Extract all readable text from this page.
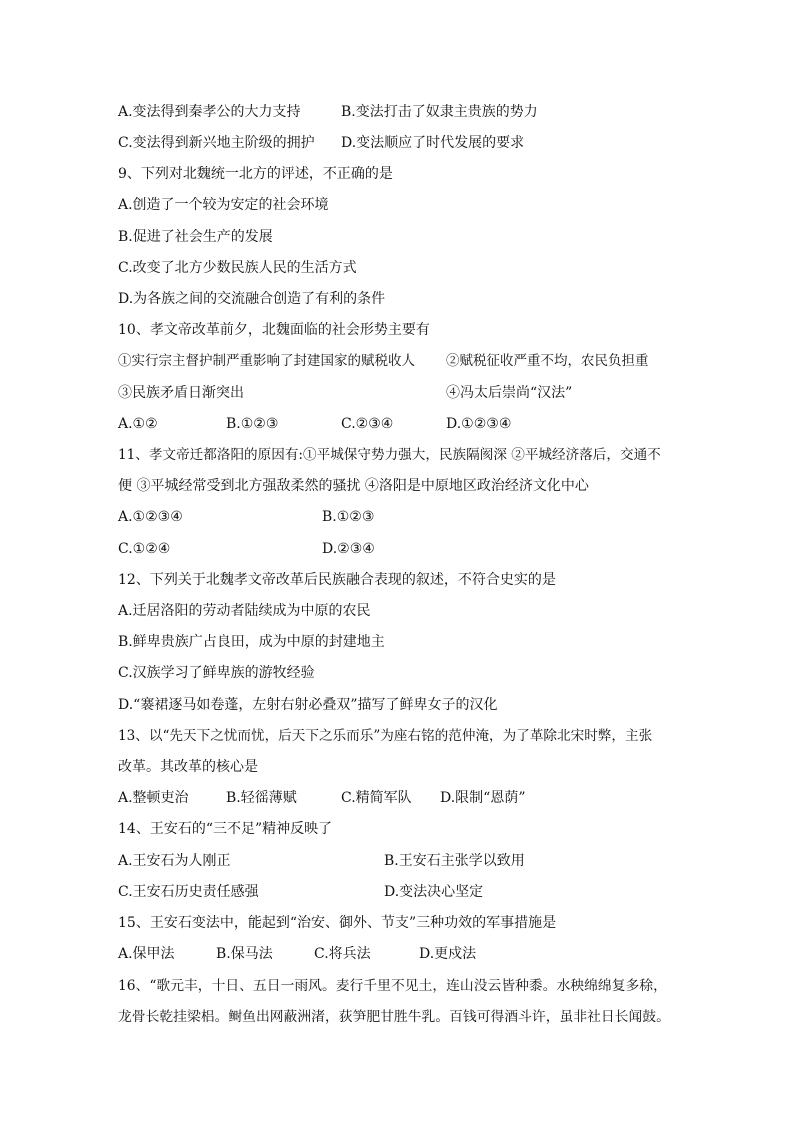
A.变法得到秦孝公的大力支持	B.变法打击了奴隶主贵族的势力
C.变法得到新兴地主阶级的拥护 D.变法顺应了时代发展的要求
9、下列对北魏统一北方的评述，不正确的是
A.创造了一个较为安定的社会环境
B.促进了社会生产的发展
C.改变了北方少数民族人民的生活方式
D.为各族之间的交流融合创造了有利的条件
10、孝文帝改革前夕，北魏面临的社会形势主要有
①实行宗主督护制严重影响了封建国家的赋税收人 ②赋税征收严重不均，农民负担重
③民族矛盾日渐突出	④冯太后崇尚“汉法”
A.①②	B.①②③	C.②③④	D.①②③④
11、孝文帝迁都洛阳的原因有:①平城保守势力强大，民族隔阂深 ②平城经济落后，交通不
便 ③平城经常受到北方强敌柔然的骚扰 ④洛阳是中原地区政治经济文化中心
A.①②③④	B.①②③
C.①②④	D.②③④
12、下列关于北魏孝文帝改革后民族融合表现的叙述，不符合史实的是
A.迁居洛阳的劳动者陆续成为中原的农民
B.鲜卑贵族广占良田，成为中原的封建地主
C.汉族学习了鲜卑族的游牧经验
D.“褰裙逐马如卷蓬，左射右射必叠双”描写了鲜卑女子的汉化
13、以“先天下之忧而忧，后天下之乐而乐”为座右铭的范仲淹，为了革除北宋时弊，主张
改革。其改革的核心是
A.整顿吏治	B.轻徭薄赋	C.精简军队 D.限制“恩荫”
14、王安石的“三不足”精神反映了
A.王安石为人刚正	B.王安石主张学以致用
C.王安石历史责任感强	D.变法决心坚定
15、王安石变法中，能起到“治安、御外、节支”三种功效的军事措施是
A.保甲法	B.保马法	C.将兵法	D.更戍法
16、“歌元丰，十日、五日一雨风。麦行千里不见土，连山没云皆种黍。水秧绵绵复多稌，
龙骨长乾挂梁梠。鲥鱼出网蔽洲渚，荻笋肥甘胜牛乳。百钱可得酒斗许，虽非社日长闻鼓。
